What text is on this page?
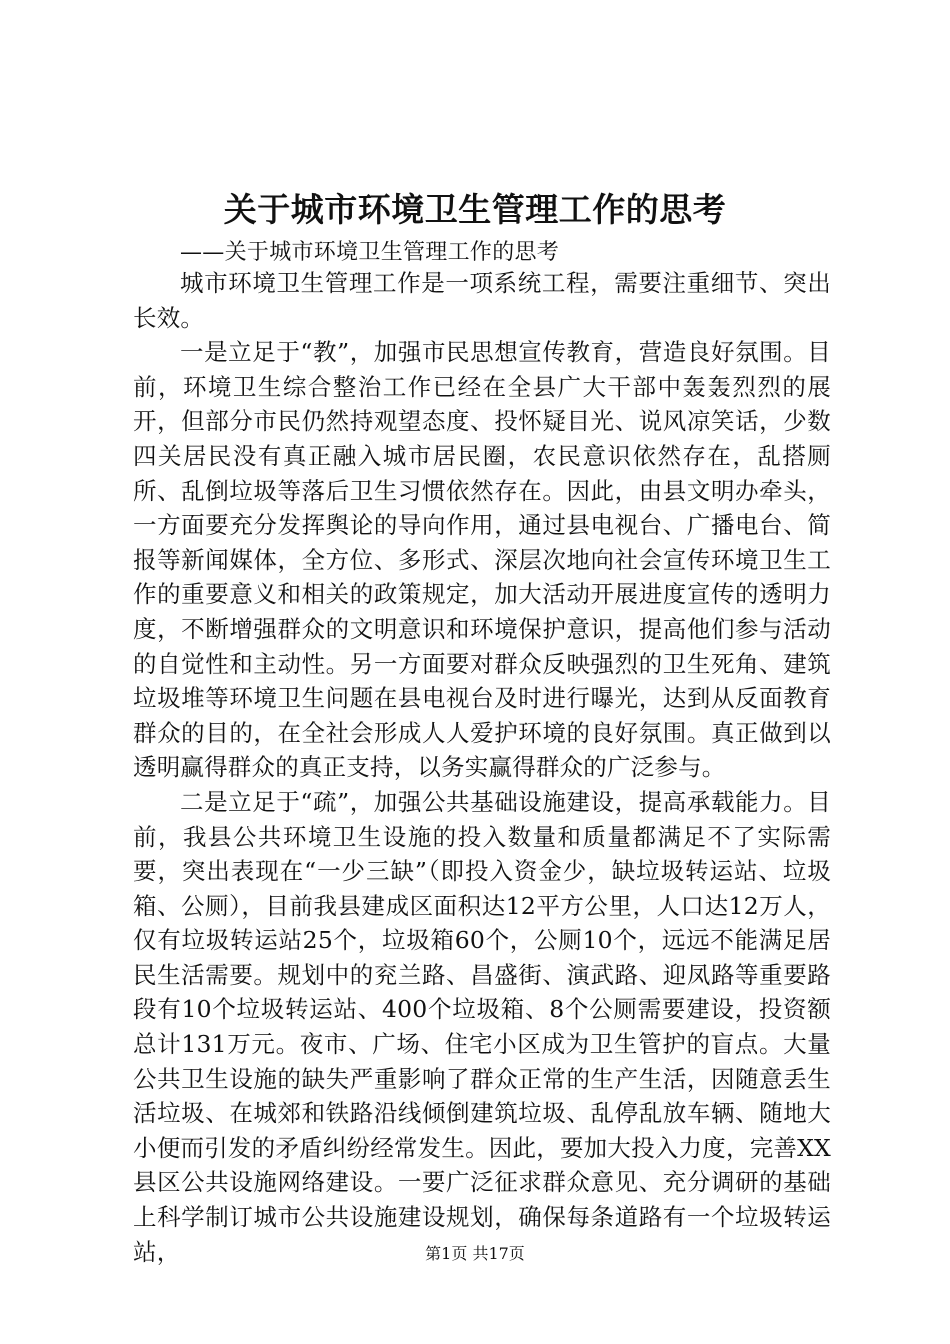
关于城市环境卫生管理工作的思考
——关于城市环境卫生管理工作的思考

城市环境卫生管理工作是一项系统工程，需要注重细节、突出长效。

一是立足于“教”，加强市民思想宣传教育，营造良好氛围。目前，环境卫生综合整治工作已经在全县广大干部中轰轰烈烈的展开，但部分市民仍然持观望态度、投怀疑目光、说风凉笑话，少数四关居民没有真正融入城市居民圈，农民意识依然存在，乱搭厕所、乱倒垃圾等落后卫生习惯依然存在。因此，由县文明办牵头，一方面要充分发挥舆论的导向作用，通过县电视台、广播电台、简报等新闻媒体，全方位、多形式、深层次地向社会宣传环境卫生工作的重要意义和相关的政策规定，加大活动开展进度宣传的透明力度，不断增强群众的文明意识和环境保护意识，提高他们参与活动的自觉性和主动性。另一方面要对群众反映强烈的卫生死角、建筑垃圾堆等环境卫生问题在县电视台及时进行曝光，达到从反面教育群众的目的，在全社会形成人人爱护环境的良好氛围。真正做到以透明赢得群众的真正支持，以务实赢得群众的广泛参与。

二是立足于“疏”，加强公共基础设施建设，提高承载能力。目前，我县公共环境卫生设施的投入数量和质量都满足不了实际需要，突出表现在“一少三缺”（即投入资金少，缺垃圾转运站、垃圾箱、公厕），目前我县建成区面积达12平方公里，人口达12万人，仅有垃圾转运站25个，垃圾箱60个，公厕10个，远远不能满足居民生活需要。规划中的兖兰路、昌盛街、演武路、迎凤路等重要路段有10个垃圾转运站、400个垃圾箱、8个公厕需要建设，投资额总计131万元。夜市、广场、住宅小区成为卫生管护的盲点。大量公共卫生设施的缺失严重影响了群众正常的生产生活，因随意丢生活垃圾、在城郊和铁路沿线倾倒建筑垃圾、乱停乱放车辆、随地大小便而引发的矛盾纠纷经常发生。因此，要加大投入力度，完善XX县区公共设施网络建设。一要广泛征求群众意见、充分调研的基础上科学制订城市公共设施建设规划，确保每条道路有一个垃圾转运站，	第1页 共17页
